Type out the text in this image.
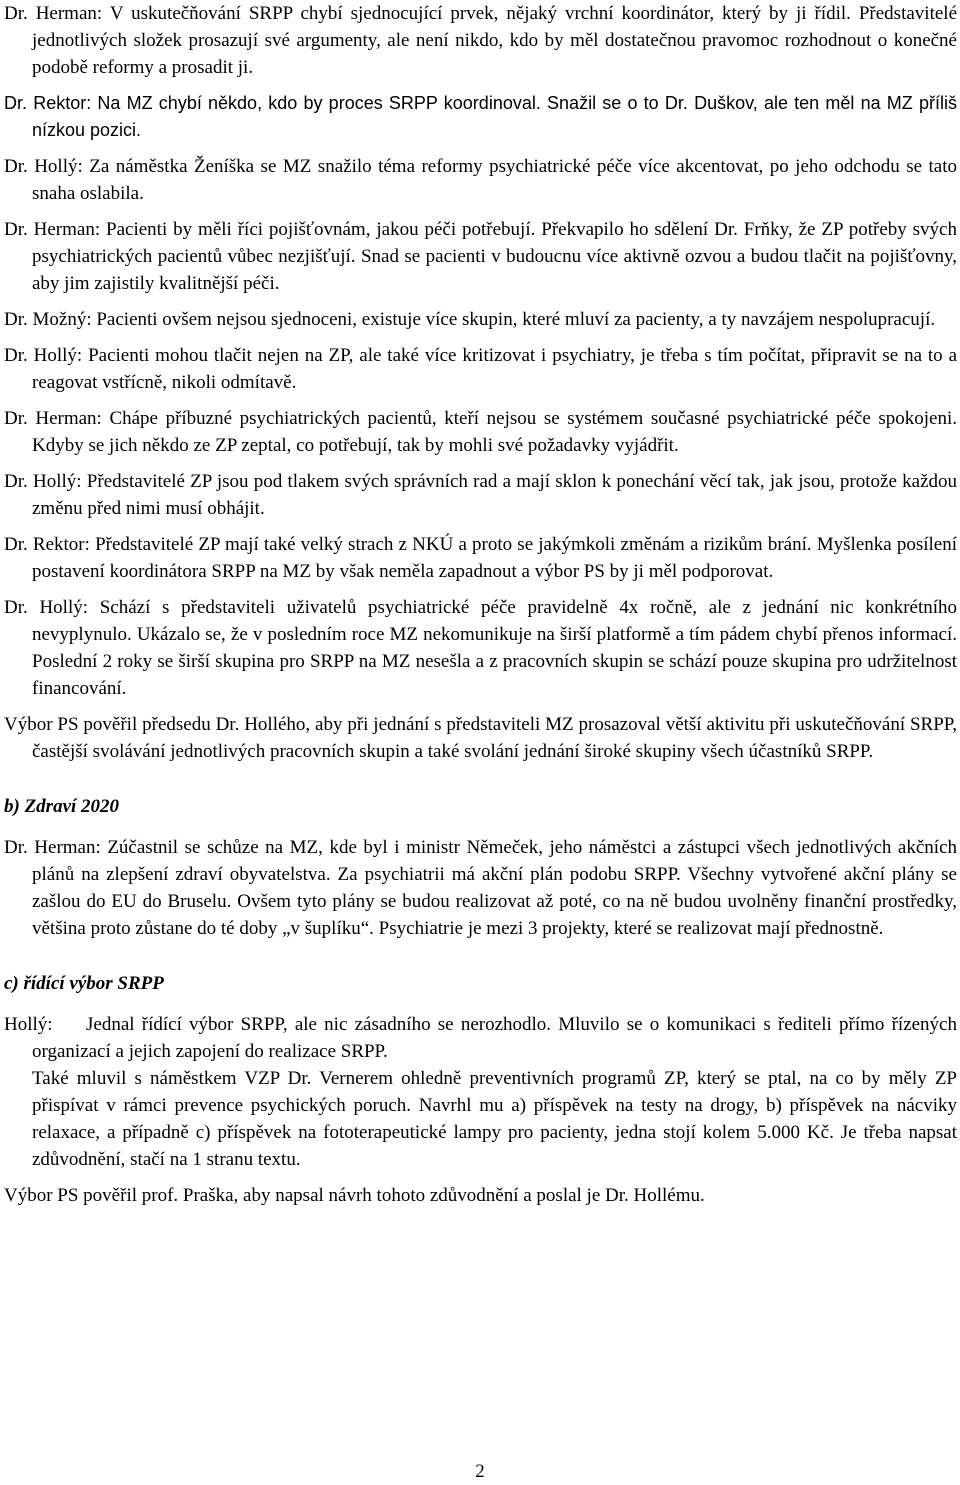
Dr. Herman: V uskutečňování SRPP chybí sjednocující prvek, nějaký vrchní koordinátor, který by ji řídil. Představitelé jednotlivých složek prosazují své argumenty, ale není nikdo, kdo by měl dostatečnou pravomoc rozhodnout o konečné podobě reformy a prosadit ji.

Dr. Rektor: Na MZ chybí někdo, kdo by proces SRPP koordinoval. Snažil se o to Dr. Duškov, ale ten měl na MZ příliš nízkou pozici.

Dr. Hollý: Za náměstka Ženíška se MZ snažilo téma reformy psychiatrické péče více akcentovat, po jeho odchodu se tato snaha oslabila.

Dr. Herman: Pacienti by měli říci pojišťovnám, jakou péči potřebují. Překvapilo ho sdělení Dr. Frňky, že ZP potřeby svých psychiatrických pacientů vůbec nezjišťují. Snad se pacienti v budoucnu více aktivně ozvou a budou tlačit na pojišťovny, aby jim zajistily kvalitnější péči.

Dr. Možný: Pacienti ovšem nejsou sjednoceni, existuje více skupin, které mluví za pacienty, a ty navzájem nespolupracují.

Dr. Hollý: Pacienti mohou tlačit nejen na ZP, ale také více kritizovat i psychiatry, je třeba s tím počítat, připravit se na to a reagovat vstřícně, nikoli odmítavě.

Dr. Herman: Chápe příbuzné psychiatrických pacientů, kteří nejsou se systémem současné psychiatrické péče spokojeni. Kdyby se jich někdo ze ZP zeptal, co potřebují, tak by mohli své požadavky vyjádřit.

Dr. Hollý: Představitelé ZP jsou pod tlakem svých správních rad a mají sklon k ponechání věcí tak, jak jsou, protože každou změnu před nimi musí obhájit.

Dr. Rektor: Představitelé ZP mají také velký strach z NKÚ a proto se jakýmkoli změnám a rizikům brání. Myšlenka posílení postavení koordinátora SRPP na MZ by však neměla zapadnout a výbor PS by ji měl podporovat.

Dr. Hollý: Schází s představiteli uživatelů psychiatrické péče pravidelně 4x ročně, ale z jednání nic konkrétního nevyplynulo. Ukázalo se, že v posledním roce MZ nekomunikuje na širší platformě a tím pádem chybí přenos informací. Poslední 2 roky se širší skupina pro SRPP na MZ nesešla a z pracovních skupin se schází pouze skupina pro udržitelnost financování.

Výbor PS pověřil předsedu Dr. Hollého, aby při jednání s představiteli MZ prosazoval větší aktivitu při uskutečňování SRPP, častější svolávání jednotlivých pracovních skupin a také svolání jednání široké skupiny všech účastníků SRPP.

b) Zdraví 2020

Dr. Herman: Zúčastnil se schůze na MZ, kde byl i ministr Němeček, jeho náměstci a zástupci všech jednotlivých akčních plánů na zlepšení zdraví obyvatelstva. Za psychiatrii má akční plán podobu SRPP. Všechny vytvořené akční plány se zašlou do EU do Bruselu. Ovšem tyto plány se budou realizovat až poté, co na ně budou uvolněny finanční prostředky, většina proto zůstane do té doby „v šuplíku“. Psychiatrie je mezi 3 projekty, které se realizovat mají přednostně.

c) řídící výbor SRPP

Hollý:	Jednal řídící výbor SRPP, ale nic zásadního se nerozhodlo. Mluvilo se o komunikaci s řediteli přímo řízených organizací a jejich zapojení do realizace SRPP.

Také mluvil s náměstkem VZP Dr. Vernerem ohledně preventivních programů ZP, který se ptal, na co by měly ZP přispívat v rámci prevence psychických poruch. Navrhl mu a) příspěvek na testy na drogy, b) příspěvek na nácviky relaxace, a případně c) příspěvek na fototerapeutické lampy pro pacienty, jedna stojí kolem 5.000 Kč. Je třeba napsat zdůvodnění, stačí na 1 stranu textu.

Výbor PS pověřil prof. Praška, aby napsal návrh tohoto zdůvodnění a poslal je Dr. Hollému.

2
